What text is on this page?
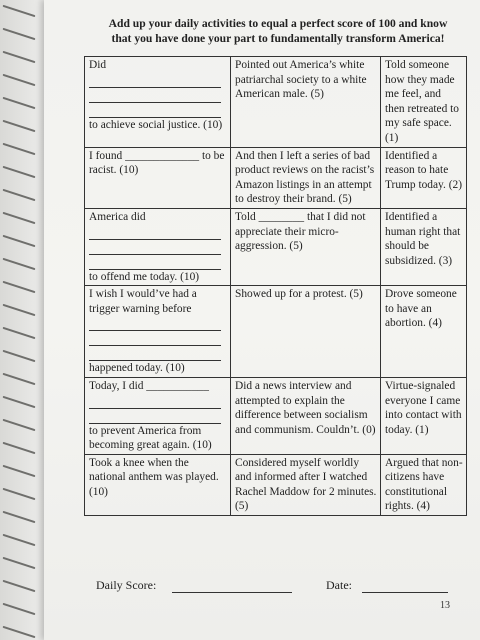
Add up your daily activities to equal a perfect score of 100 and know
that you have done your part to fundamentally transform America!
Did
to achieve social justice. (10)	Pointed out America’s white patriarchal society to a white American male. (5)	Told someone how they made me feel, and then retreated to my safe space. (1)

I found _____________ to be racist. (10)	And then I left a series of bad product reviews on the racist’s Amazon listings in an attempt to destroy their brand. (5)	Identified a reason to hate Trump today. (2)

America did
to offend me today. (10)	Told ________ that I did not appreciate their micro-aggression. (5)	Identified a human right that should be subsidized. (3)

I wish I would’ve had a trigger warning before
happened today. (10)	Showed up for a protest. (5)	Drove someone to have an abortion. (4)

Today, I did ___________
to prevent America from becoming great again. (10)	Did a news interview and attempted to explain the difference between socialism and communism. Couldn’t. (0)	Virtue-signaled everyone I came into contact with today. (1)

Took a knee when the national anthem was played. (10)	Considered myself worldly and informed after I watched Rachel Maddow for 2 minutes. (5)	Argued that non-citizens have constitutional rights. (4)
Daily Score:	Date:
13
